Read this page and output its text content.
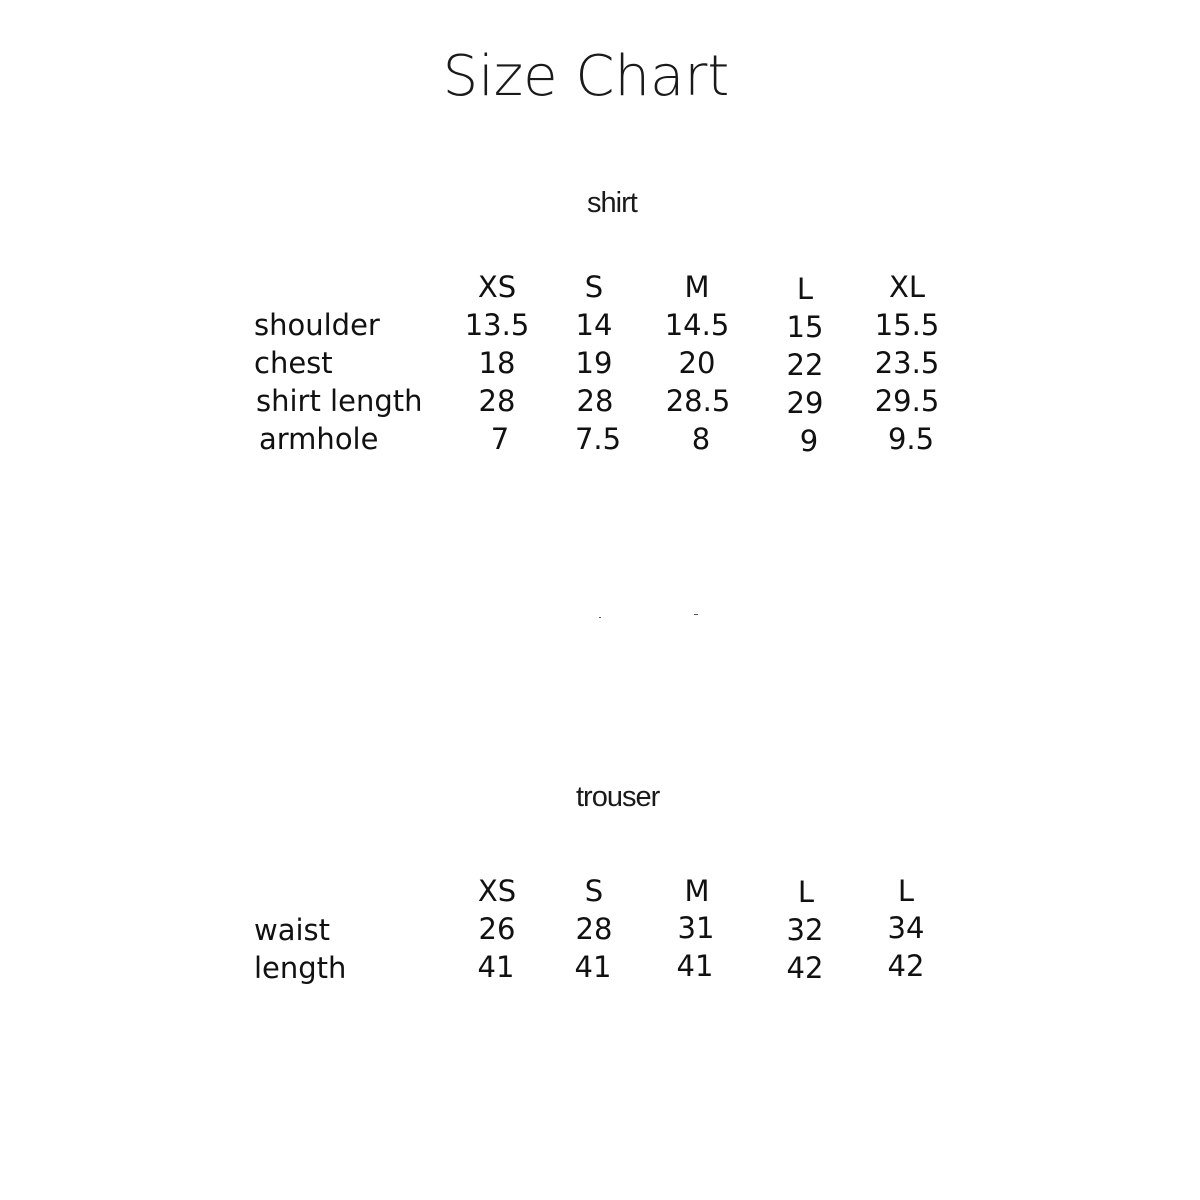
Size Chart
shirt
XS S	M	L	XL
shoulder	13.5 14 14.5 15 15.5
chest	18 19 20 22 23.5
shirt length 28 28 28.5 29 29.5
armhole	7 7.5 8	9 9.5
trouser
XS S	M	L	L
waist	26 28 31 32 34
length	41 41 41	42 42
